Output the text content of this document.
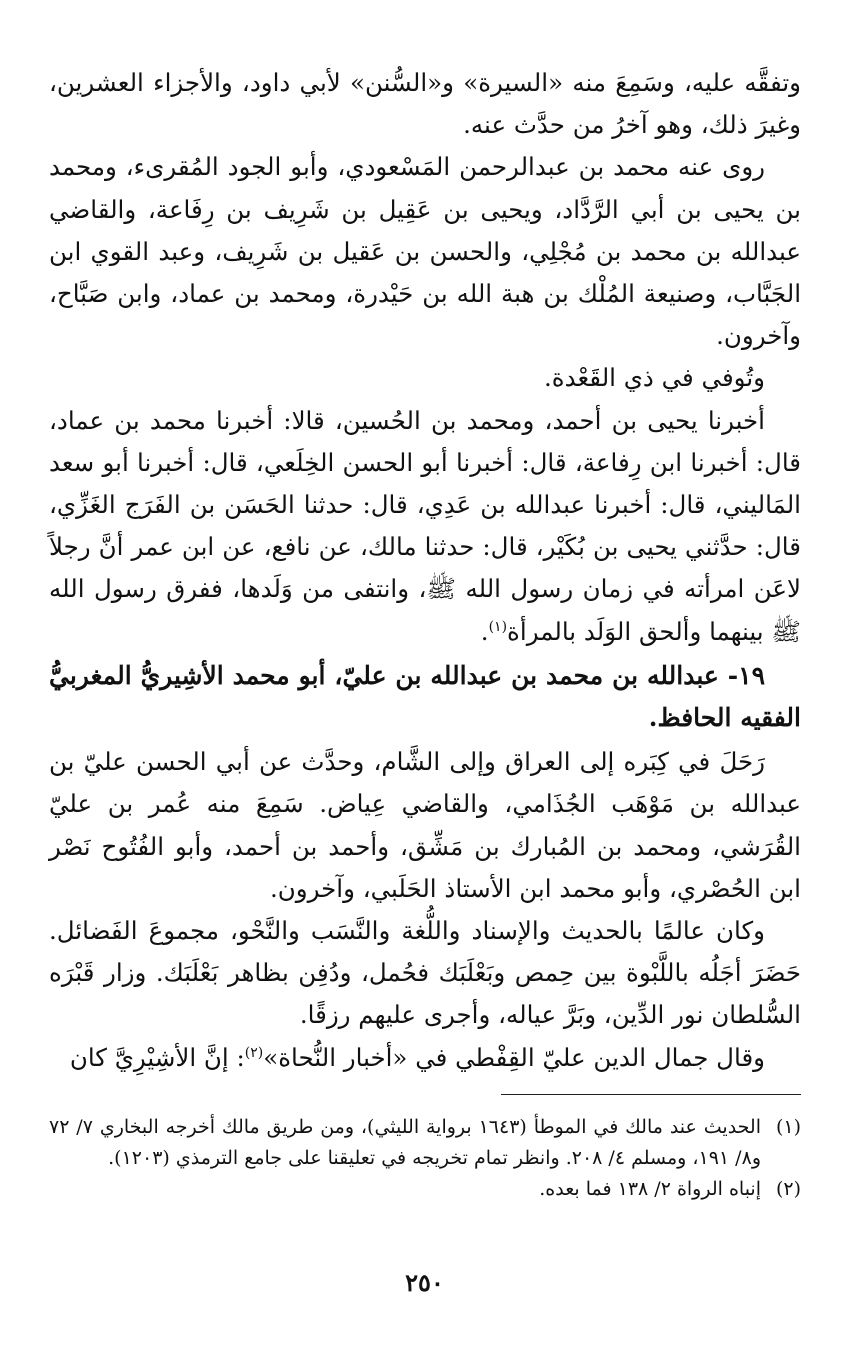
وتفقَّه عليه، وسَمِعَ منه «السيرة» و«السُّنن» لأبي داود، والأجزاء العشرين، وغيرَ ذلك، وهو آخرُ من حدَّث عنه.

روى عنه محمد بن عبدالرحمن المَسْعودي، وأبو الجود المُقرىء، ومحمد بن يحيى بن أبي الرَّدَّاد، ويحيى بن عَقِيل بن شَرِيف بن رِفَاعة، والقاضي عبدالله بن محمد بن مُجْلِي، والحسن بن عَقيل بن شَرِيف، وعبد القوي ابن الجَبَّاب، وصنيعة المُلْك بن هبة الله بن حَيْدرة، ومحمد بن عماد، وابن صَبَّاح، وآخرون.

وتُوفي في ذي القَعْدة.

أخبرنا يحيى بن أحمد، ومحمد بن الحُسين، قالا: أخبرنا محمد بن عماد، قال: أخبرنا ابن رِفاعة، قال: أخبرنا أبو الحسن الخِلَعي، قال: أخبرنا أبو سعد المَاليني، قال: أخبرنا عبدالله بن عَدِي، قال: حدثنا الحَسَن بن الفَرَج الغَزِّي، قال: حدَّثني يحيى بن بُكَيْر، قال: حدثنا مالك، عن نافع، عن ابن عمر أنَّ رجلاً لاعَن امرأته في زمان رسول الله ﷺ، وانتفى من وَلَدها، ففرق رسول الله ﷺ بينهما وألحق الوَلَد بالمرأة$^{(١)}$.

١٩- عبدالله بن محمد بن عبدالله بن عليّ، أبو محمد الأشِيريُّ المغربيُّ الفقيه الحافظ.

رَحَلَ في كِبَره إلى العراق وإلى الشَّام، وحدَّث عن أبي الحسن عليّ بن عبدالله بن مَوْهَب الجُذَامي، والقاضي عِياض. سَمِعَ منه عُمر بن عليّ القُرَشي، ومحمد بن المُبارك بن مَشِّق، وأحمد بن أحمد، وأبو الفُتُوح نَصْر ابن الحُصْري، وأبو محمد ابن الأستاذ الحَلَبي، وآخرون.

وكان عالمًا بالحديث والإسناد واللُّغة والنَّسَب والنَّحْو، مجموعَ الفَضائل. حَضَرَ أجَلُه باللَّبْوة بين حِمص وبَعْلَبَك فحُمل، ودُفِن بظاهر بَعْلَبَك. وزار قَبْرَه السُّلطان نور الدِّين، وبَرَّ عياله، وأجرى عليهم رزقًا.

وقال جمال الدين عليّ القِفْطي في «أخبار النُّحاة»$^{(٢)}$: إنَّ الأشِيْرِيَّ كان

(١)
الحديث عند مالك في الموطأ (١٦٤٣ برواية الليثي)، ومن طريق مالك أخرجه البخاري ٧/ ٧٢ و٨/ ١٩١، ومسلم ٤/ ٢٠٨. وانظر تمام تخريجه في تعليقنا على جامع الترمذي (١٢٠٣).
(٢)
إنباه الرواة ٢/ ١٣٨ فما بعده.
٢٥٠
